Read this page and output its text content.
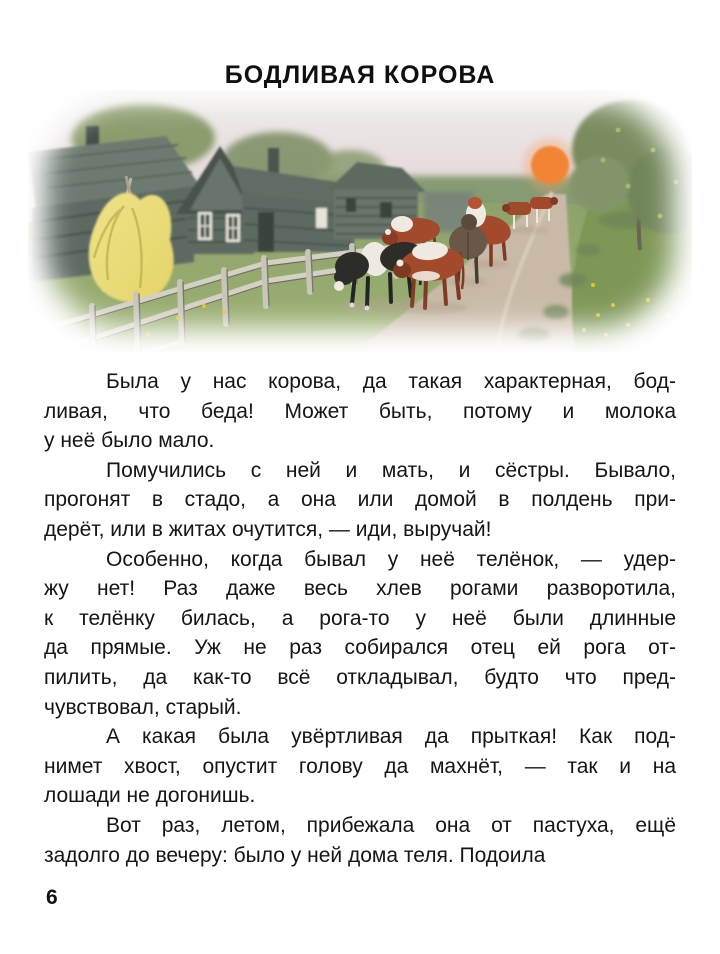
БОДЛИВАЯ КОРОВА
Была у нас корова, да такая характерная, бод-
ливая, что беда! Может быть, потому и молока
у неё было мало.
Помучились с ней и мать, и сёстры. Бывало,
прогонят в стадо, а она или домой в полдень при-
дерёт, или в житах очутится, — иди, выручай!
Особенно, когда бывал у неё телёнок, — удер-
жу нет! Раз даже весь хлев рогами разворотила,
к телёнку билась, а рога-то у неё были длинные
да прямые. Уж не раз собирался отец ей рога от-
пилить, да как-то всё откладывал, будто что пред-
чувствовал, старый.
А какая была увёртливая да прыткая! Как под-
нимет хвост, опустит голову да махнёт, — так и на
лошади не догонишь.
Вот раз, летом, прибежала она от пастуха, ещё
задолго до вечеру: было у ней дома теля. Подоила
6
